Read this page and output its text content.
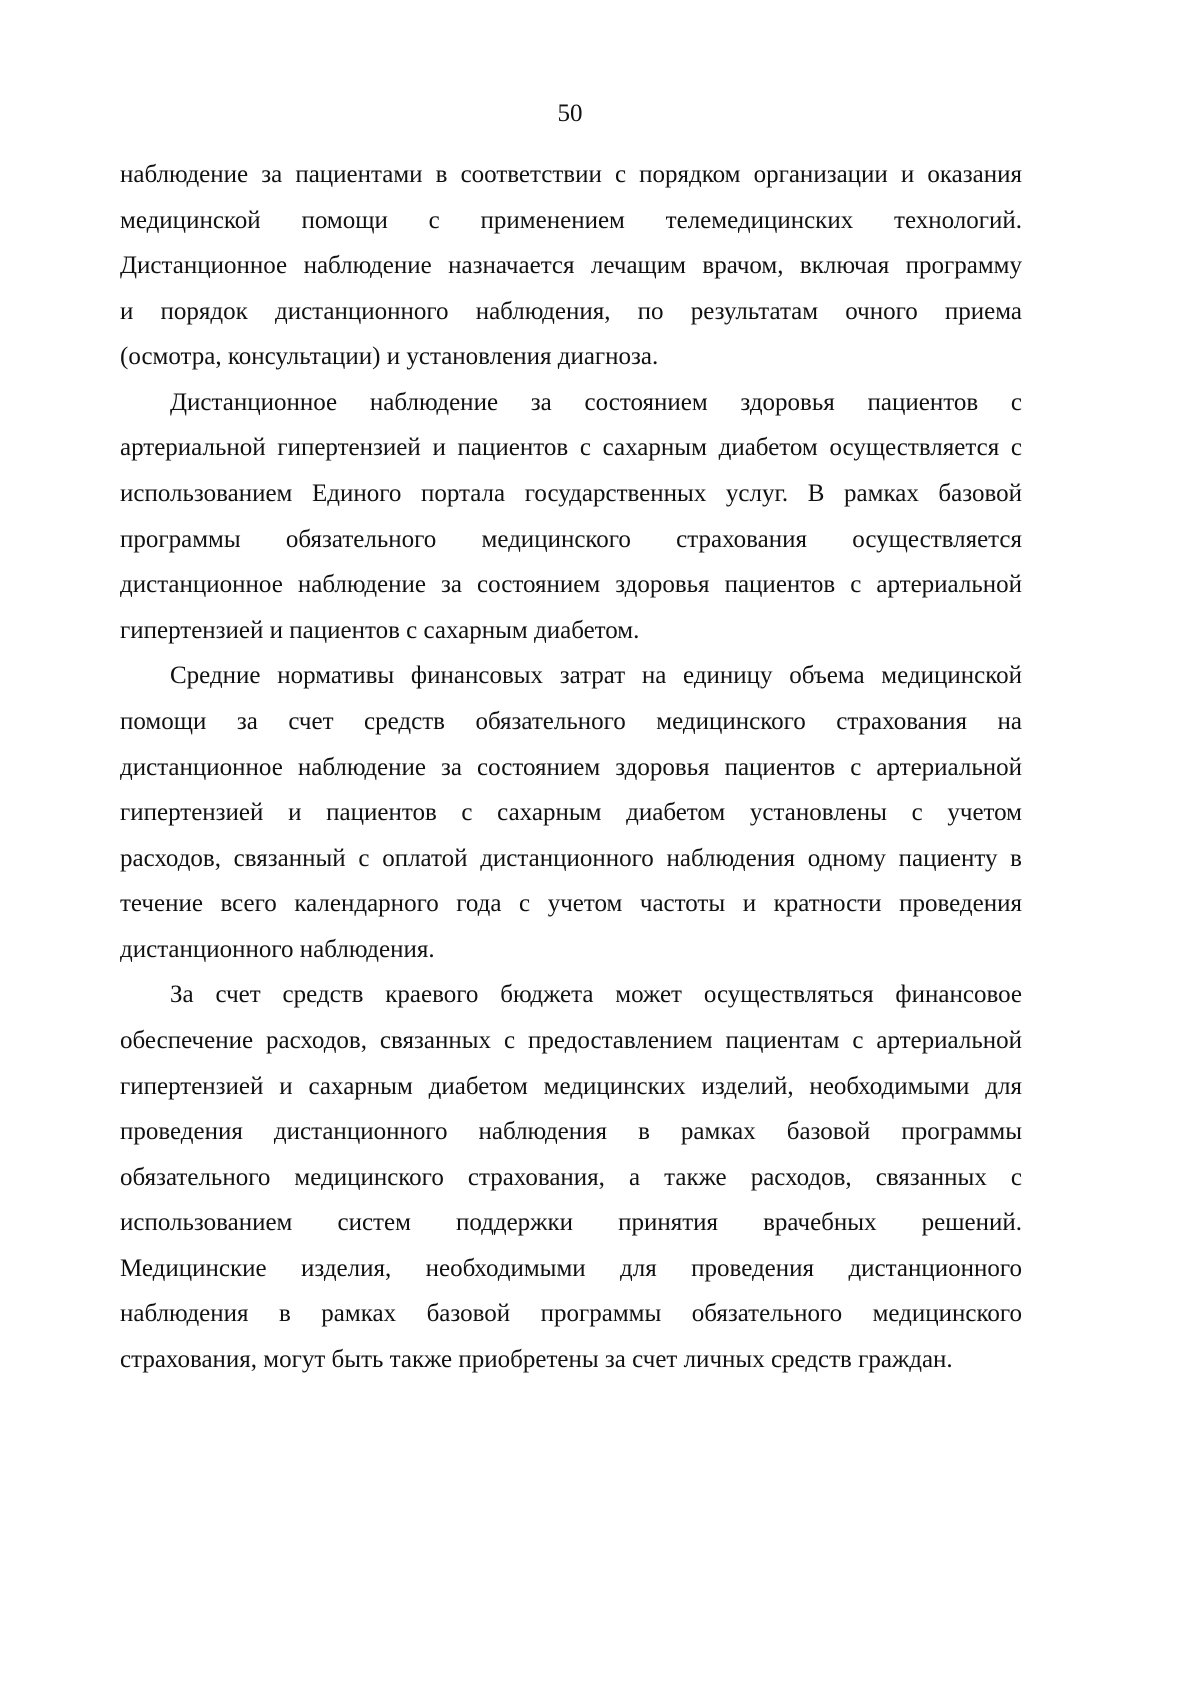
50
наблюдение за пациентами в соответствии с порядком организации и оказания
медицинской помощи с применением телемедицинских технологий.
Дистанционное наблюдение назначается лечащим врачом, включая программу
и порядок дистанционного наблюдения, по результатам очного приема
(осмотра, консультации) и установления диагноза.
Дистанционное наблюдение за состоянием здоровья пациентов с
артериальной гипертензией и пациентов с сахарным диабетом осуществляется с
использованием Единого портала государственных услуг. В рамках базовой
программы обязательного медицинского страхования осуществляется
дистанционное наблюдение за состоянием здоровья пациентов с артериальной
гипертензией и пациентов с сахарным диабетом.
Средние нормативы финансовых затрат на единицу объема медицинской
помощи за счет средств обязательного медицинского страхования на
дистанционное наблюдение за состоянием здоровья пациентов с артериальной
гипертензией и пациентов с сахарным диабетом установлены с учетом
расходов, связанный с оплатой дистанционного наблюдения одному пациенту в
течение всего календарного года с учетом частоты и кратности проведения
дистанционного наблюдения.
За счет средств краевого бюджета может осуществляться финансовое
обеспечение расходов, связанных с предоставлением пациентам с артериальной
гипертензией и сахарным диабетом медицинских изделий, необходимыми для
проведения дистанционного наблюдения в рамках базовой программы
обязательного медицинского страхования, а также расходов, связанных с
использованием систем поддержки принятия врачебных решений.
Медицинские изделия, необходимыми для проведения дистанционного
наблюдения в рамках базовой программы обязательного медицинского
страхования, могут быть также приобретены за счет личных средств граждан.
